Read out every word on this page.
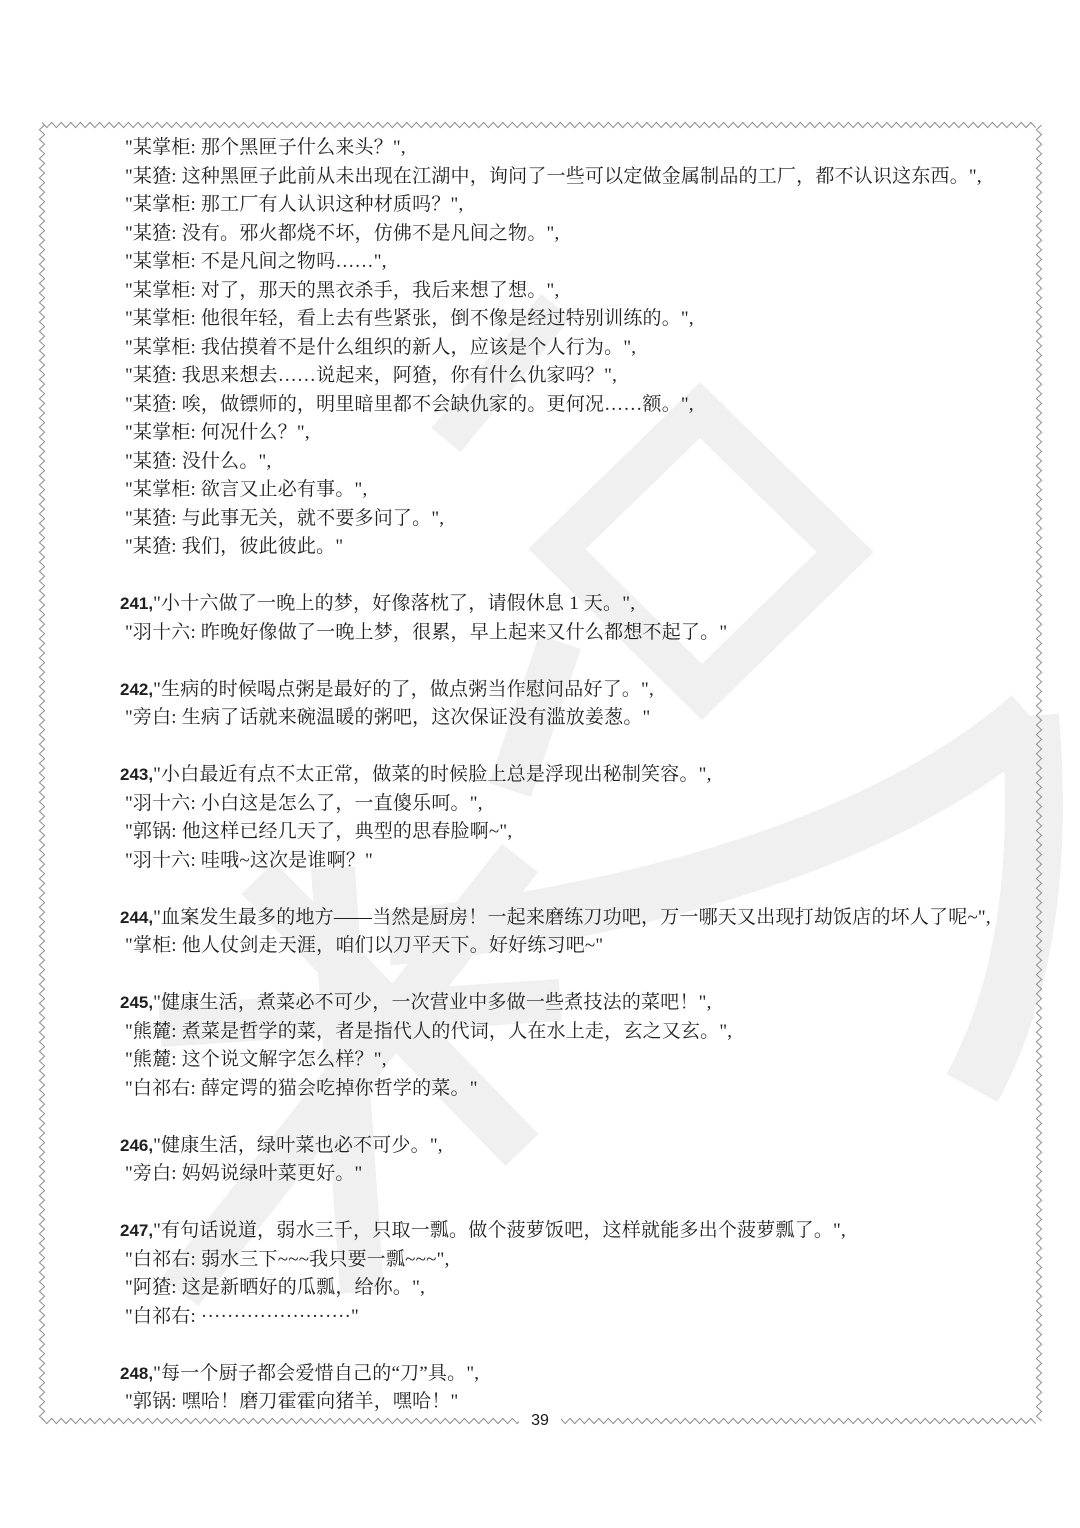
"某掌柜: 那个黑匣子什么来头？",
"某猹: 这种黑匣子此前从未出现在江湖中，询问了一些可以定做金属制品的工厂，都不认识这东西。",
"某掌柜: 那工厂有人认识这种材质吗？",
"某猹: 没有。邪火都烧不坏，仿佛不是凡间之物。",
"某掌柜: 不是凡间之物吗……",
"某掌柜: 对了，那天的黑衣杀手，我后来想了想。",
"某掌柜: 他很年轻，看上去有些紧张，倒不像是经过特别训练的。",
"某掌柜: 我估摸着不是什么组织的新人，应该是个人行为。",
"某猹: 我思来想去……说起来，阿猹，你有什么仇家吗？",
"某猹: 唉，做镖师的，明里暗里都不会缺仇家的。更何况……额。",
"某掌柜: 何况什么？",
"某猹: 没什么。",
"某掌柜: 欲言又止必有事。",
"某猹: 与此事无关，就不要多问了。",
"某猹: 我们，彼此彼此。"
241,"小十六做了一晚上的梦，好像落枕了，请假休息 1 天。",
"羽十六: 昨晚好像做了一晚上梦，很累，早上起来又什么都想不起了。"
242,"生病的时候喝点粥是最好的了，做点粥当作慰问品好了。",
"旁白: 生病了话就来碗温暖的粥吧，这次保证没有滥放姜葱。"
243,"小白最近有点不太正常，做菜的时候脸上总是浮现出秘制笑容。",
"羽十六: 小白这是怎么了，一直傻乐呵。",
"郭锅: 他这样已经几天了，典型的思春脸啊~",
"羽十六: 哇哦~这次是谁啊？"
244,"血案发生最多的地方——当然是厨房！一起来磨练刀功吧，万一哪天又出现打劫饭店的坏人了呢~",
"掌柜: 他人仗剑走天涯，咱们以刀平天下。好好练习吧~"
245,"健康生活，煮菜必不可少，一次营业中多做一些煮技法的菜吧！",
"熊麓: 煮菜是哲学的菜，者是指代人的代词，人在水上走，玄之又玄。",
"熊麓: 这个说文解字怎么样？",
"白祁右: 薛定谔的猫会吃掉你哲学的菜。"
246,"健康生活，绿叶菜也必不可少。",
"旁白: 妈妈说绿叶菜更好。"
247,"有句话说道，弱水三千，只取一瓢。做个菠萝饭吧，这样就能多出个菠萝瓢了。",
"白祁右: 弱水三下~~~我只要一瓢~~~",
"阿猹: 这是新晒好的瓜瓢，给你。",
"白祁右: ·······················"
248,"每一个厨子都会爱惜自己的“刀”具。",
"郭锅: 嘿哈！磨刀霍霍向猪羊，嘿哈！"
39
